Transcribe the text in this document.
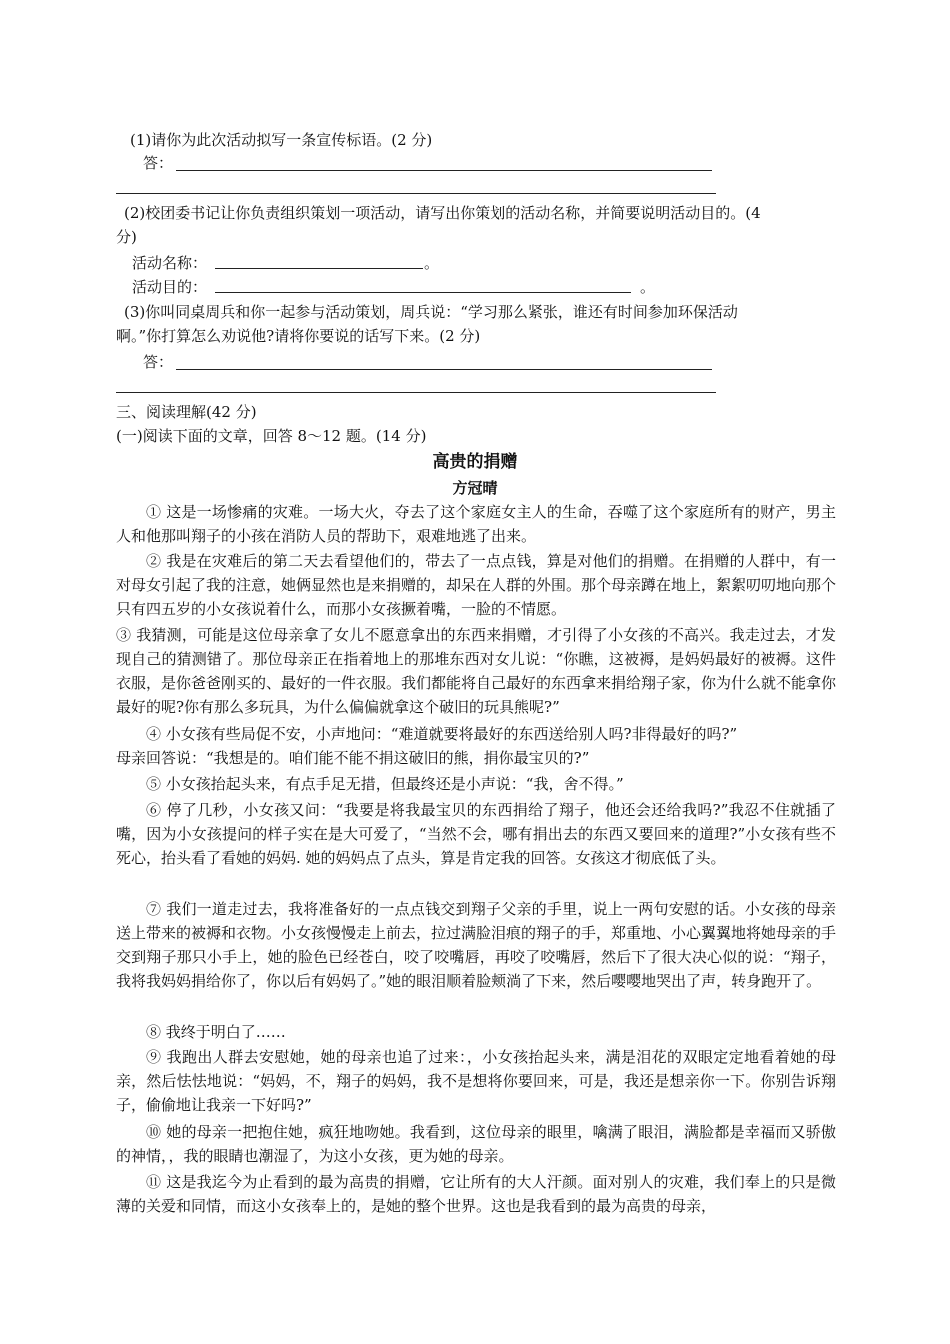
(1)请你为此次活动拟写一条宣传标语。(2 分)
答：
(2)校团委书记让你负责组织策划一项活动，请写出你策划的活动名称，并简要说明活动目的。(4
分)
活动名称：	。
活动目的：	。
(3)你叫同桌周兵和你一起参与活动策划，周兵说：“学习那么紧张，谁还有时间参加环保活动
啊。”你打算怎么劝说他?请将你要说的话写下来。(2 分)
答：
三、阅读理解(42 分)
(一)阅读下面的文章，回答 8～12 题。(14 分)
高贵的捐赠
方冠晴
① 这是一场惨痛的灾难。一场大火，夺去了这个家庭女主人的生命，吞噬了这个家庭所有的财产，男主人和他那叫翔子的小孩在消防人员的帮助下，艰难地逃了出来。
② 我是在灾难后的第二天去看望他们的，带去了一点点钱，算是对他们的捐赠。在捐赠的人群中，有一对母女引起了我的注意，她俩显然也是来捐赠的，却呆在人群的外围。那个母亲蹲在地上，絮絮叨叨地向那个只有四五岁的小女孩说着什么，而那小女孩撅着嘴，一脸的不情愿。
③ 我猜测，可能是这位母亲拿了女儿不愿意拿出的东西来捐赠，才引得了小女孩的不高兴。我走过去，才发现自己的猜测错了。那位母亲正在指着地上的那堆东西对女儿说：“你瞧，这被褥，是妈妈最好的被褥。这件衣服，是你爸爸刚买的、最好的一件衣服。我们都能将自己最好的东西拿来捐给翔子家，你为什么就不能拿你最好的呢?你有那么多玩具，为什么偏偏就拿这个破旧的玩具熊呢?”
④ 小女孩有些局促不安，小声地问：“难道就要将最好的东西送给别人吗?非得最好的吗?”
母亲回答说：“我想是的。咱们能不能不捐这破旧的熊，捐你最宝贝的?”
⑤ 小女孩抬起头来，有点手足无措，但最终还是小声说：“我，舍不得。”
⑥ 停了几秒，小女孩又问：“我要是将我最宝贝的东西捐给了翔子，他还会还给我吗?”我忍不住就插了嘴，因为小女孩提问的样子实在是大可爱了，“当然不会，哪有捐出去的东西又要回来的道理?”小女孩有些不死心，抬头看了看她的妈妈. 她的妈妈点了点头，算是肯定我的回答。女孩这才彻底低了头。
⑦ 我们一道走过去，我将准备好的一点点钱交到翔子父亲的手里，说上一两句安慰的话。小女孩的母亲送上带来的被褥和衣物。小女孩慢慢走上前去，拉过满脸泪痕的翔子的手，郑重地、小心翼翼地将她母亲的手交到翔子那只小手上，她的脸色已经苍白，咬了咬嘴唇，再咬了咬嘴唇，然后下了很大决心似的说：“翔子，我将我妈妈捐给你了，你以后有妈妈了。”她的眼泪顺着脸颊淌了下来，然后嘤嘤地哭出了声，转身跑开了。
⑧ 我终于明白了……
⑨ 我跑出人群去安慰她，她的母亲也追了过来：，小女孩抬起头来，满是泪花的双眼定定地看着她的母亲，然后怯怯地说：“妈妈，不，翔子的妈妈，我不是想将你要回来，可是，我还是想亲你一下。你别告诉翔子，偷偷地让我亲一下好吗?”
⑩ 她的母亲一把抱住她，疯狂地吻她。我看到，这位母亲的眼里，噙满了眼泪，满脸都是幸福而又骄傲的神情，，我的眼睛也潮湿了，为这小女孩，更为她的母亲。
⑪ 这是我迄今为止看到的最为高贵的捐赠，它让所有的大人汗颜。面对别人的灾难，我们奉上的只是微薄的关爱和同情，而这小女孩奉上的，是她的整个世界。这也是我看到的最为高贵的母亲，
